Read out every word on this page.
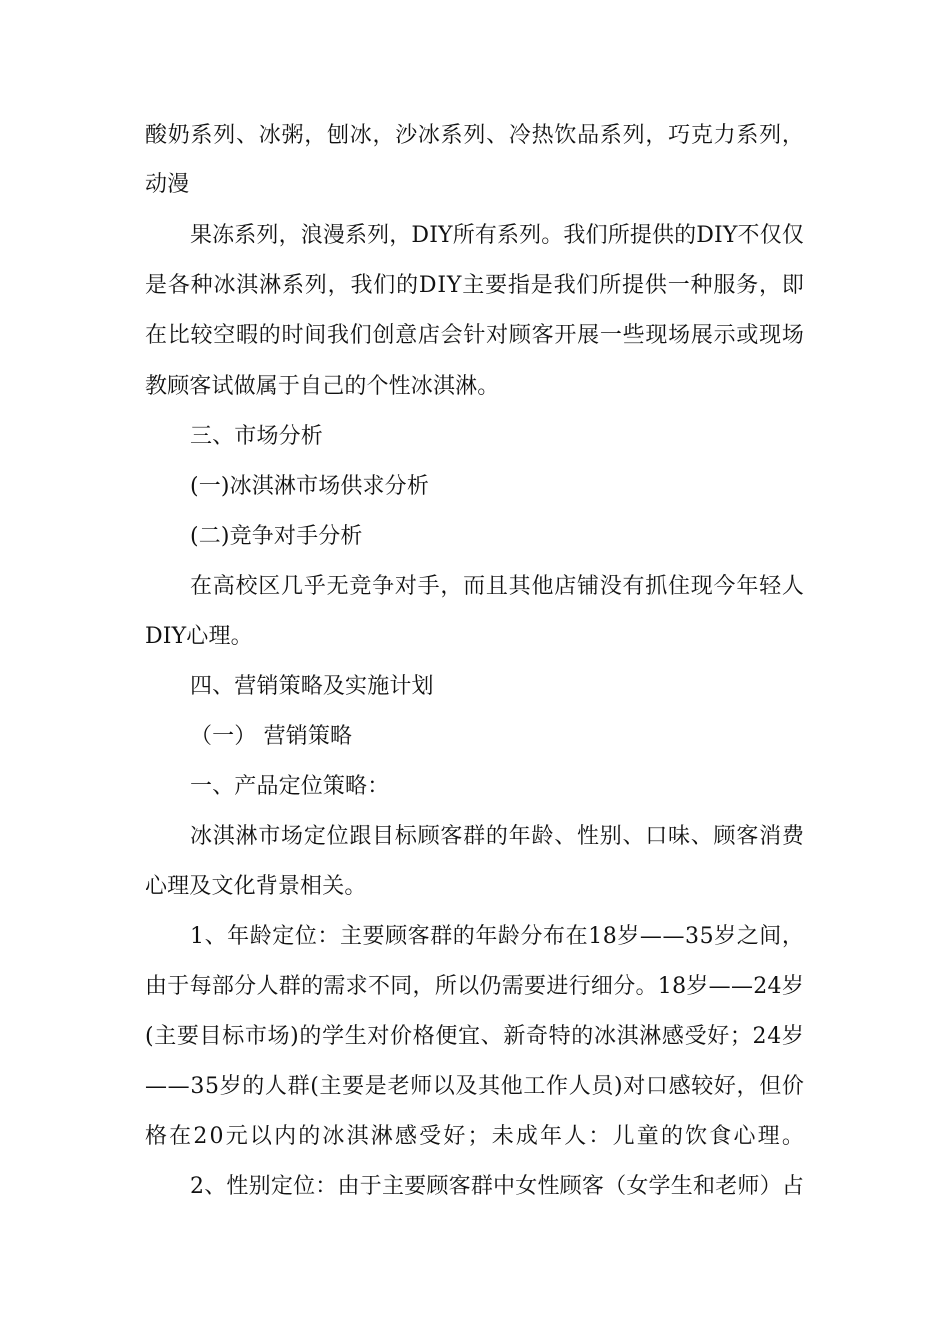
酸奶系列、冰粥，刨冰，沙冰系列、冷热饮品系列，巧克力系列，
动漫
果冻系列，浪漫系列，DIY所有系列。我们所提供的DIY不仅仅
是各种冰淇淋系列，我们的DIY主要指是我们所提供一种服务，即
在比较空暇的时间我们创意店会针对顾客开展一些现场展示或现场
教顾客试做属于自己的个性冰淇淋。
三、市场分析
(一)冰淇淋市场供求分析
(二)竞争对手分析
在高校区几乎无竞争对手，而且其他店铺没有抓住现今年轻人
DIY心理。
四、营销策略及实施计划
（一） 营销策略
一、产品定位策略：
冰淇淋市场定位跟目标顾客群的年龄、性别、口味、顾客消费
心理及文化背景相关。
1、年龄定位：主要顾客群的年龄分布在18岁——35岁之间，
由于每部分人群的需求不同，所以仍需要进行细分。18岁——24岁
(主要目标市场)的学生对价格便宜、新奇特的冰淇淋感受好；24岁
——35岁的人群(主要是老师以及其他工作人员)对口感较好，但价
格在20元以内的冰淇淋感受好；未成年人：儿童的饮食心理。
2、性别定位：由于主要顾客群中女性顾客（女学生和老师）占
